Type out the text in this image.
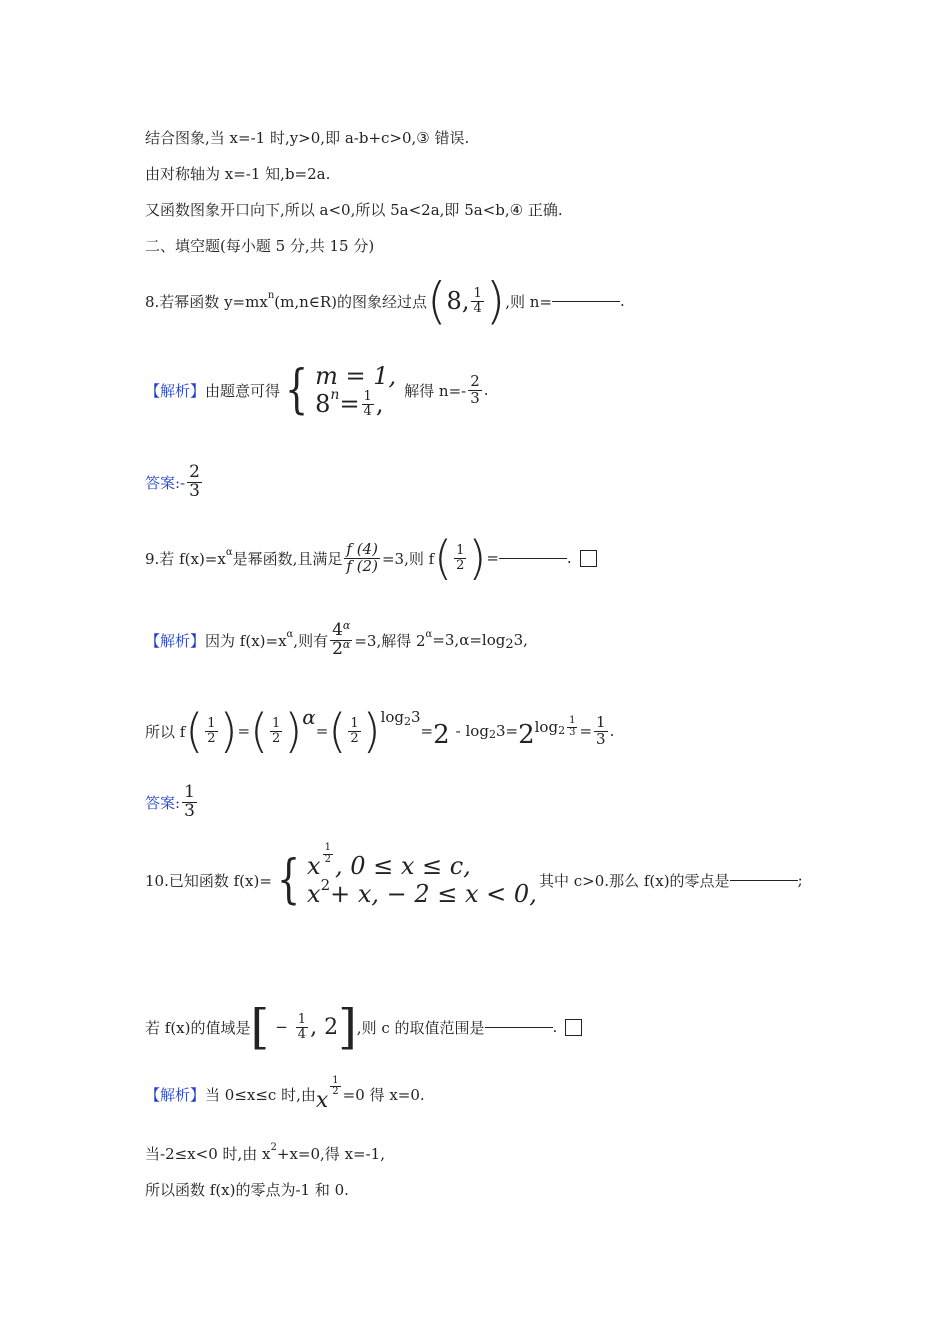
结合图象,当 x=-1 时,y>0,即 a-b+c>0,③ 错误.
由对称轴为 x=-1 知,b=2a.
又函数图象开口向下,所以 a<0,所以 5a<2a,即 5a<b,④ 正确.
二、填空题(每小题 5 分,共 15 分)
8.若幂函数 y=mx n (m,n∈R)的图象经过点 ( 8, $\frac{1}{4}$ ) ,则 n=	.
【解析】 由题意可得 { m = 1,
8 $n = \frac{1}{4}$ , 解得 $n=- \frac{2}{3}$ .
答案:- $\frac{2}{3}$
9.若 f(x)=x α 是幂函数,且满足 $\frac{f (4)}{f (2)} =3$,则 f ( $\frac{1}{2}$ ) =	.
【解析】 因为 f(x)=x α ,则有 $\frac{4^\alpha}{2^\alpha} =3$,解得 2 α =3,α=log 2 3,
所以 f ( $\frac{1}{2}$ ) = ( $\frac{1}{2}$ ) α
= ( $\frac{1}{2}$ ) $\log_23$
= 2 - log 2 3= 2 $\log 2 \frac{1}{3} = \frac{1}{3}$ .
答案: $\frac{1}{3}$
10.已知函数 f(x)= { x $\frac{1}{2}$ , 0 ≤ x ≤ c,
x 2 + x, − 2 ≤ x < 0, 其中 c>0.那么 f(x)的零点是	;
若 f(x)的值域是 [ − $\frac{1}{4}$ , 2 ] ,则 c 的取值范围是	.
【解析】 当 0≤x≤c 时,由 x
$\frac{1}{2} =0$ 得 x=0.
当-2≤x<0 时,由 x 2 +x=0,得 x=-1,
所以函数 f(x)的零点为-1 和 0.
